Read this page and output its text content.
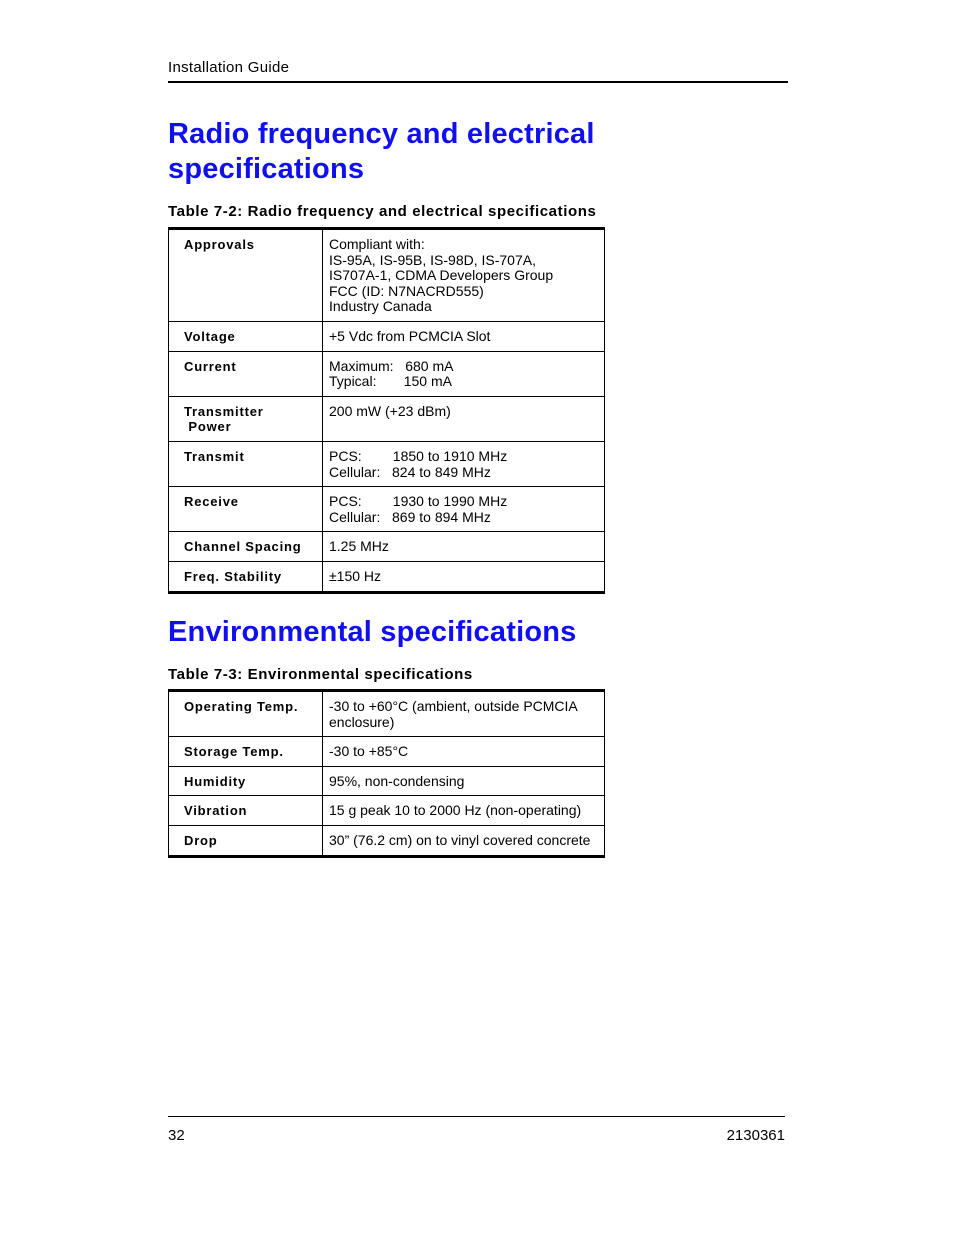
Installation Guide
Radio frequency and electrical specifications

Table 7-2: Radio frequency and electrical specifications

Approvals	Compliant with:
IS-95A, IS-95B, IS-98D, IS-707A,
IS707A-1, CDMA Developers Group
FCC (ID: N7NACRD555)
Industry Canada

Voltage	+5 Vdc from PCMCIA Slot

Current	Maximum:   680 mA
Typical:       150 mA

Transmitter
Power	200 mW (+23 dBm)

Transmit	PCS:        1850 to 1910 MHz
Cellular:   824 to 849 MHz

Receive	PCS:        1930 to 1990 MHz
Cellular:   869 to 894 MHz

Channel Spacing	1.25 MHz

Freq. Stability	±150 Hz
Environmental specifications

Table 7-3: Environmental specifications

Operating Temp.	-30 to +60°C (ambient, outside PCMCIA
enclosure)

Storage Temp.	-30 to +85°C

Humidity	95%, non-condensing

Vibration	15 g peak 10 to 2000 Hz (non-operating)

Drop	30” (76.2 cm) on to vinyl covered concrete
32	2130361
